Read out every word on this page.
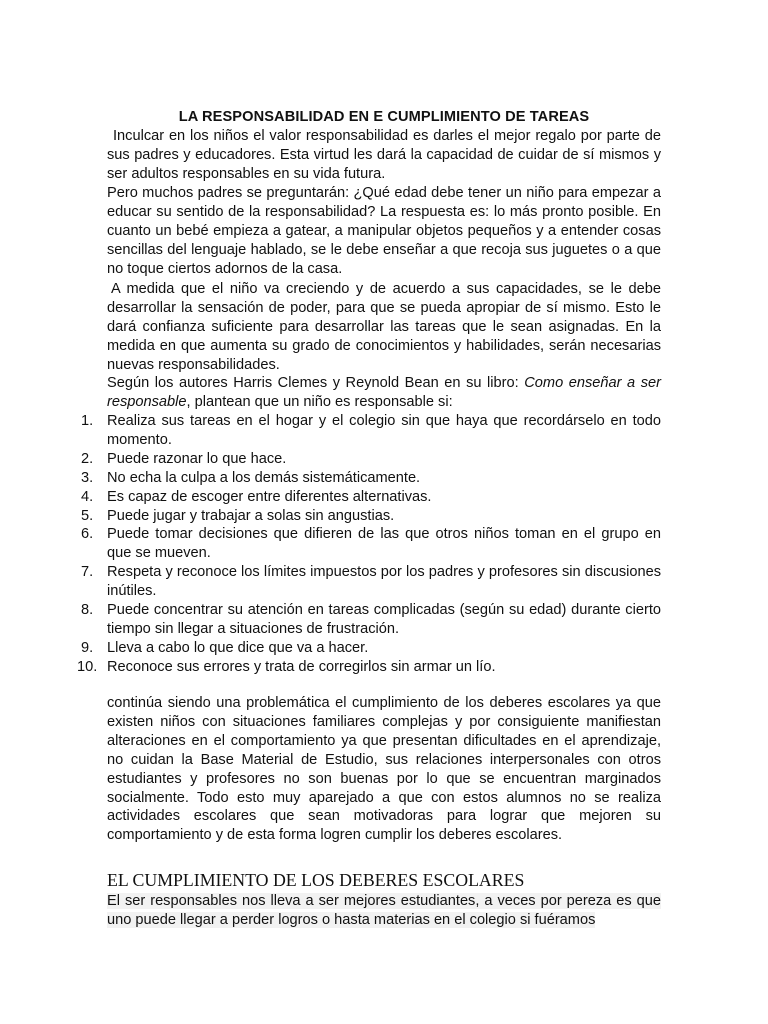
LA RESPONSABILIDAD EN E CUMPLIMIENTO DE TAREAS
Inculcar en los niños el valor responsabilidad es darles el mejor regalo por parte de sus padres y educadores. Esta virtud les dará la capacidad de cuidar de sí mismos y ser adultos responsables en su vida futura.
Pero muchos padres se preguntarán: ¿Qué edad debe tener un niño para empezar a educar su sentido de la responsabilidad? La respuesta es: lo más pronto posible. En cuanto un bebé empieza a gatear, a manipular objetos pequeños y a entender cosas sencillas del lenguaje hablado, se le debe enseñar a que recoja sus juguetes o a que no toque ciertos adornos de la casa.
A medida que el niño va creciendo y de acuerdo a sus capacidades, se le debe desarrollar la sensación de poder, para que se pueda apropiar de sí mismo. Esto le dará confianza suficiente para desarrollar las tareas que le sean asignadas. En la medida en que aumenta su grado de conocimientos y habilidades, serán necesarias nuevas responsabilidades.
Según los autores Harris Clemes y Reynold Bean en su libro: Como enseñar a ser responsable, plantean que un niño es responsable si:
1. Realiza sus tareas en el hogar y el colegio sin que haya que recordárselo en todo momento.
2. Puede razonar lo que hace.
3. No echa la culpa a los demás sistemáticamente.
4. Es capaz de escoger entre diferentes alternativas.
5. Puede jugar y trabajar a solas sin angustias.
6. Puede tomar decisiones que difieren de las que otros niños toman en el grupo en que se mueven.
7. Respeta y reconoce los límites impuestos por los padres y profesores sin discusiones inútiles.
8. Puede concentrar su atención en tareas complicadas (según su edad) durante cierto tiempo sin llegar a situaciones de frustración.
9. Lleva a cabo lo que dice que va a hacer.
10. Reconoce sus errores y trata de corregirlos sin armar un lío.
continúa siendo una problemática el cumplimiento de los deberes escolares ya que existen niños con situaciones familiares complejas y por consiguiente manifiestan alteraciones en el comportamiento ya que presentan dificultades en el aprendizaje, no cuidan la Base Material de Estudio, sus relaciones interpersonales con otros estudiantes y profesores no son buenas por lo que se encuentran marginados socialmente. Todo esto muy aparejado a que con estos alumnos no se realiza actividades escolares que sean motivadoras para lograr que mejoren su comportamiento y de esta forma logren cumplir los deberes escolares.
EL CUMPLIMIENTO DE LOS DEBERES ESCOLARES
El ser responsables nos lleva a ser mejores estudiantes, a veces por pereza es que uno puede llegar a perder logros o hasta materias en el colegio si fuéramos
